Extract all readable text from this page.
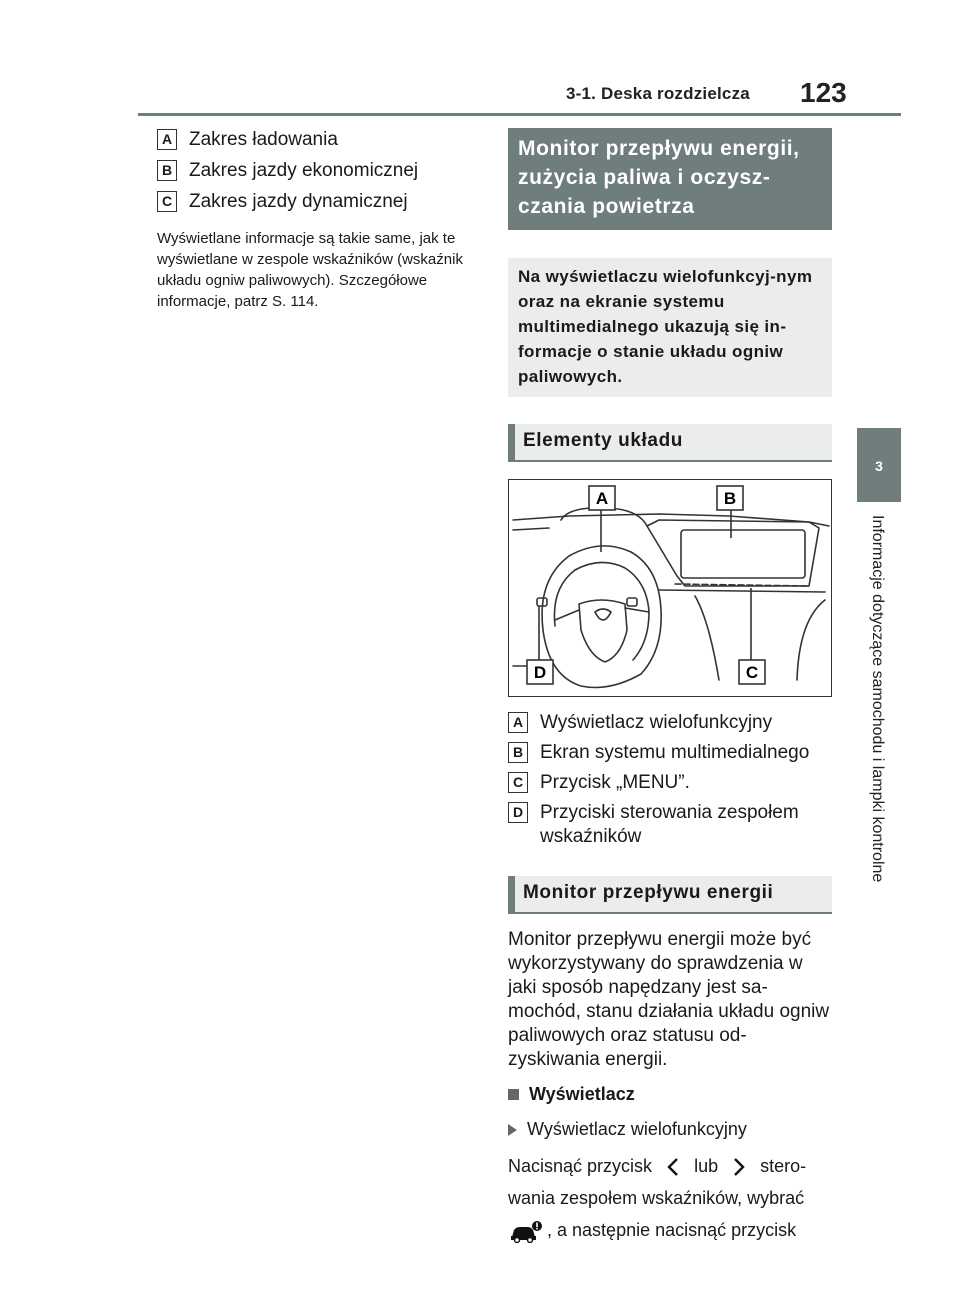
3-1. Deska rozdzielcza 123
3
Informacje dotyczące samochodu i lampki kontrolne
A Zakres ładowania
B Zakres jazdy ekonomicznej
C Zakres jazdy dynamicznej
Wyświetlane informacje są takie same, jak te wyświetlane w zespole wskaźników (wskaźnik układu ogniw paliwowych). Szczegółowe informacje, patrz S. 114.
Monitor przepływu energii, zużycia paliwa i oczysz-czania powietrza
Na wyświetlaczu wielofunkcyj-nym oraz na ekranie systemu multimedialnego ukazują się in-formacje o stanie układu ogniw paliwowych.
Elementy układu
A	B
C
D
A Wyświetlacz wielofunkcyjny
B Ekran systemu multimedialnego
C Przycisk „MENU”.
D Przyciski sterowania zespołem wskaźników
Monitor przepływu energii
Monitor przepływu energii może być wykorzystywany do sprawdzenia w jaki sposób napędzany jest sa-mochód, stanu działania układu ogniw paliwowych oraz statusu od-zyskiwania energii.
Wyświetlacz
Wyświetlacz wielofunkcyjny
Nacisnąć przycisk lub stero-
wania zespołem wskaźników, wybrać
, a następnie nacisnąć przycisk
